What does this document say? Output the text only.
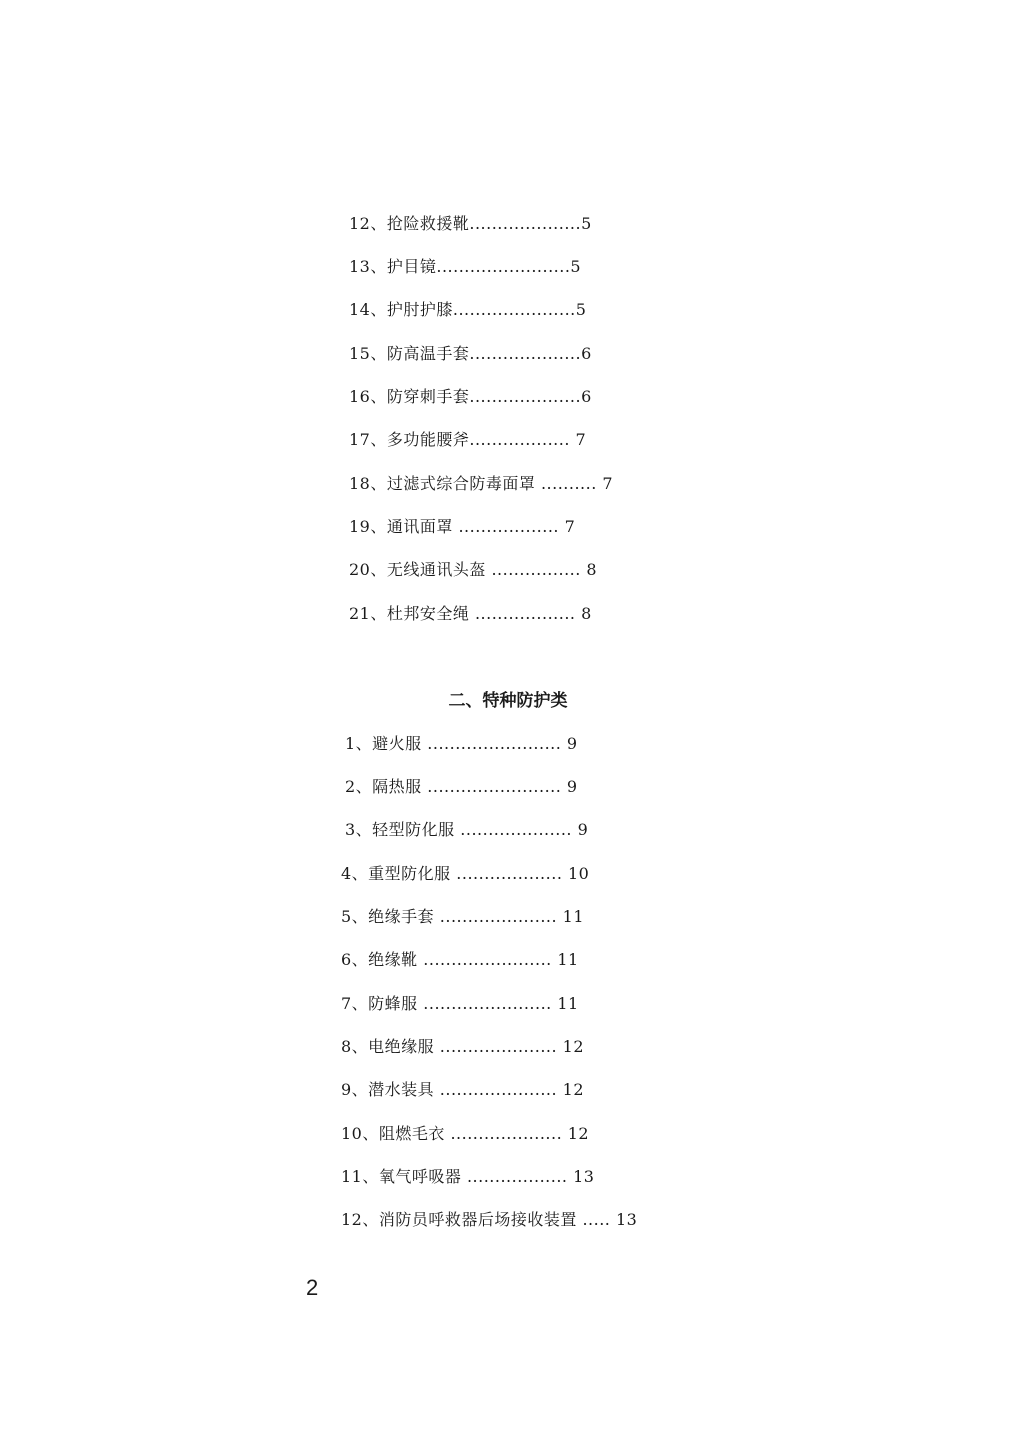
12、抢险救援靴....................5
13、护目镜........................5
14、护肘护膝......................5
15、防高温手套....................6
16、防穿刺手套....................6
17、多功能腰斧.................. 7
18、过滤式综合防毒面罩 .......... 7
19、通讯面罩 .................. 7
20、无线通讯头盔 ................ 8
21、杜邦安全绳 .................. 8
二、特种防护类
1、避火服 ........................ 9
2、隔热服 ........................ 9
3、轻型防化服 .................... 9
4、重型防化服 ................... 10
5、绝缘手套 ..................... 11
6、绝缘靴 ....................... 11
7、防蜂服 ....................... 11
8、电绝缘服 ..................... 12
9、潜水装具 ..................... 12
10、阻燃毛衣 .................... 12
11、氧气呼吸器 .................. 13
12、消防员呼救器后场接收装置 ..... 13
2
